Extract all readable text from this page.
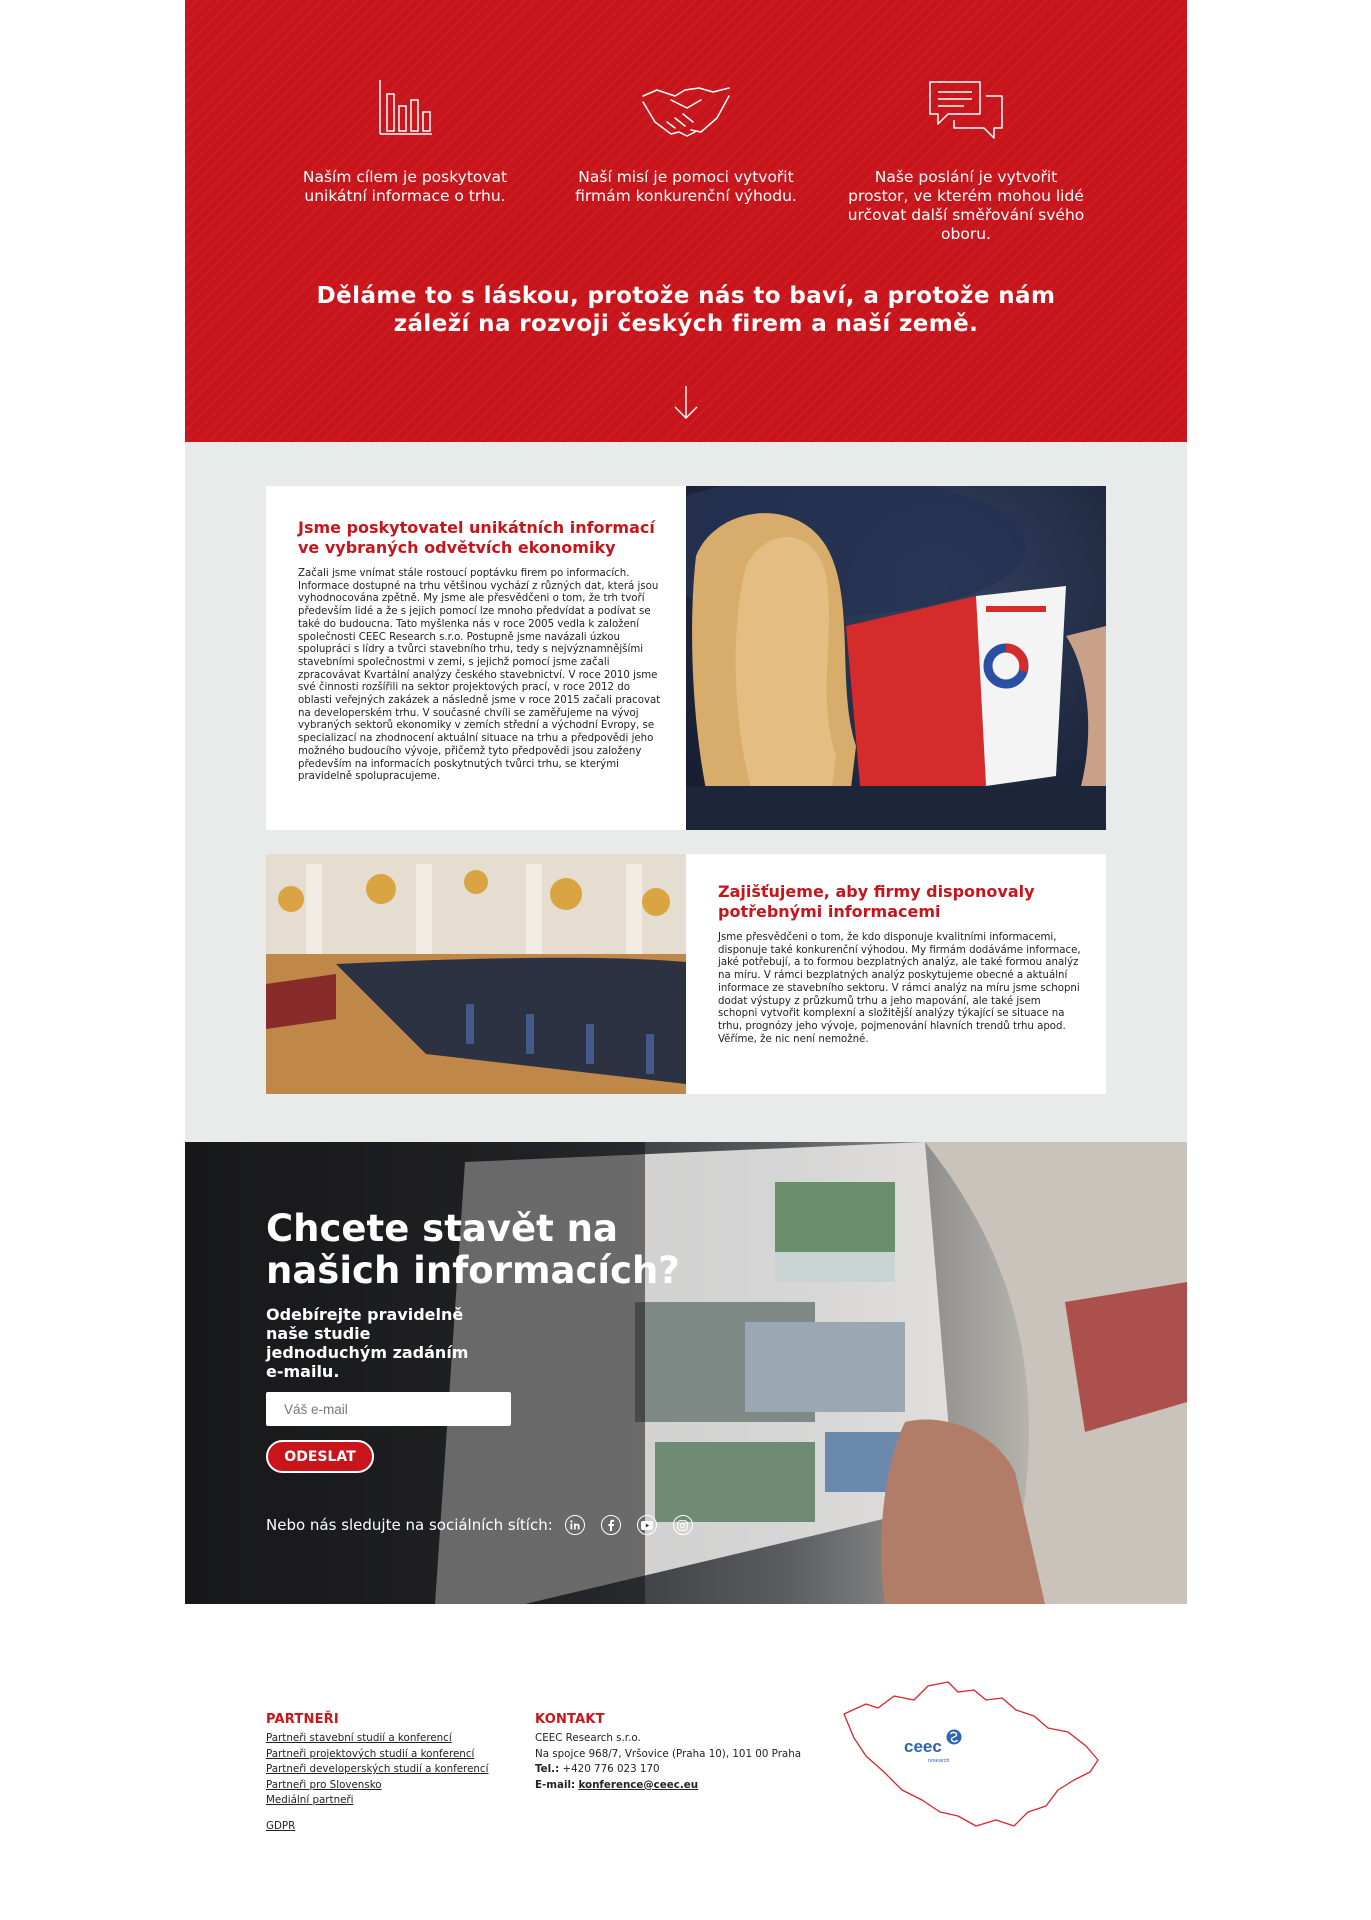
Naším cílem je poskytovat unikátní informace o trhu.

Naší misí je pomoci vytvořit firmám konkurenční výhodu.

Naše poslání je vytvořit prostor, ve kterém mohou lidé určovat další směřování svého oboru.

Děláme to s láskou, protože nás to baví, a protože nám záleží na rozvoji českých firem a naší země.
Jsme poskytovatel unikátních informací ve vybraných odvětvích ekonomiky

Začali jsme vnímat stále rostoucí poptávku firem po informacích. Informace dostupné na trhu většinou vychází z různých dat, která jsou vyhodnocována zpětně. My jsme ale přesvědčeni o tom, že trh tvoří především lidé a že s jejich pomocí lze mnoho předvídat a podívat se také do budoucna. Tato myšlenka nás v roce 2005 vedla k založení společnosti CEEC Research s.r.o. Postupně jsme navázali úzkou spolupráci s lídry a tvůrci stavebního trhu, tedy s nejvýznamnějšími stavebními společnostmi v zemi, s jejichž pomocí jsme začali zpracovávat Kvartální analýzy českého stavebnictví. V roce 2010 jsme své činnosti rozšířili na sektor projektových prací, v roce 2012 do oblasti veřejných zakázek a následně jsme v roce 2015 začali pracovat na developerském trhu. V současné chvíli se zaměřujeme na vývoj vybraných sektorů ekonomiky v zemích střední a východní Evropy, se specializací na zhodnocení aktuální situace na trhu a předpovědi jeho možného budoucího vývoje, přičemž tyto předpovědi jsou založeny především na informacích poskytnutých tvůrci trhu, se kterými pravidelně spolupracujeme.

Zajišťujeme, aby firmy disponovaly potřebnými informacemi

Jsme přesvědčeni o tom, že kdo disponuje kvalitními informacemi, disponuje také konkurenční výhodou. My firmám dodáváme informace, jaké potřebují, a to formou bezplatných analýz, ale také formou analýz na míru. V rámci bezplatných analýz poskytujeme obecné a aktuální informace ze stavebního sektoru. V rámci analýz na míru jsme schopni dodat výstupy z průzkumů trhu a jeho mapování, ale také jsem schopni vytvořit komplexní a složitější analýzy týkající se situace na trhu, prognózy jeho vývoje, pojmenování hlavních trendů trhu apod. Věříme, že nic není nemožné.

Chcete stavět na našich informacích?
Odebírejte pravidelně naše studie jednoduchým zadáním e-mailu.
Váš e-mail
ODESLAT
Nebo nás sledujte na sociálních sítích:
PARTNEŘI
Partneři stavební studií a konferencí
Partneři projektových studií a konferencí
Partneři developerských studií a konferencí
Partneři pro Slovensko
Mediální partneři
KONTAKT
CEEC Research s.r.o.
Na spojce 968/7, Vršovice (Praha 10), 101 00 Praha
Tel.: +420 776 023 170
E-mail: konference@ceec.eu
GDPR
ceec
research
